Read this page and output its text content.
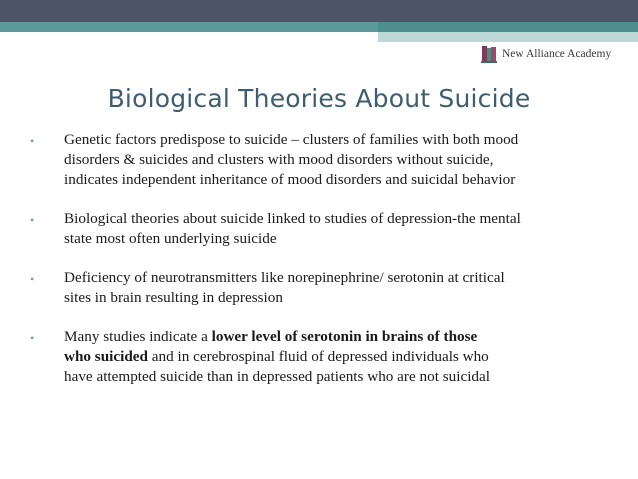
New Alliance Academy
Biological Theories About Suicide
• Genetic factors predispose to suicide – clusters of families with both mood
disorders & suicides and clusters with mood disorders without suicide,
indicates independent inheritance of mood disorders and suicidal behavior
• Biological theories about suicide linked to studies of depression-the mental
state most often underlying suicide
• Deficiency of neurotransmitters like norepinephrine/ serotonin at critical
sites in brain resulting in depression
• Many studies indicate a lower level of serotonin in brains of those
who suicided and in cerebrospinal fluid of depressed individuals who
have attempted suicide than in depressed patients who are not suicidal
